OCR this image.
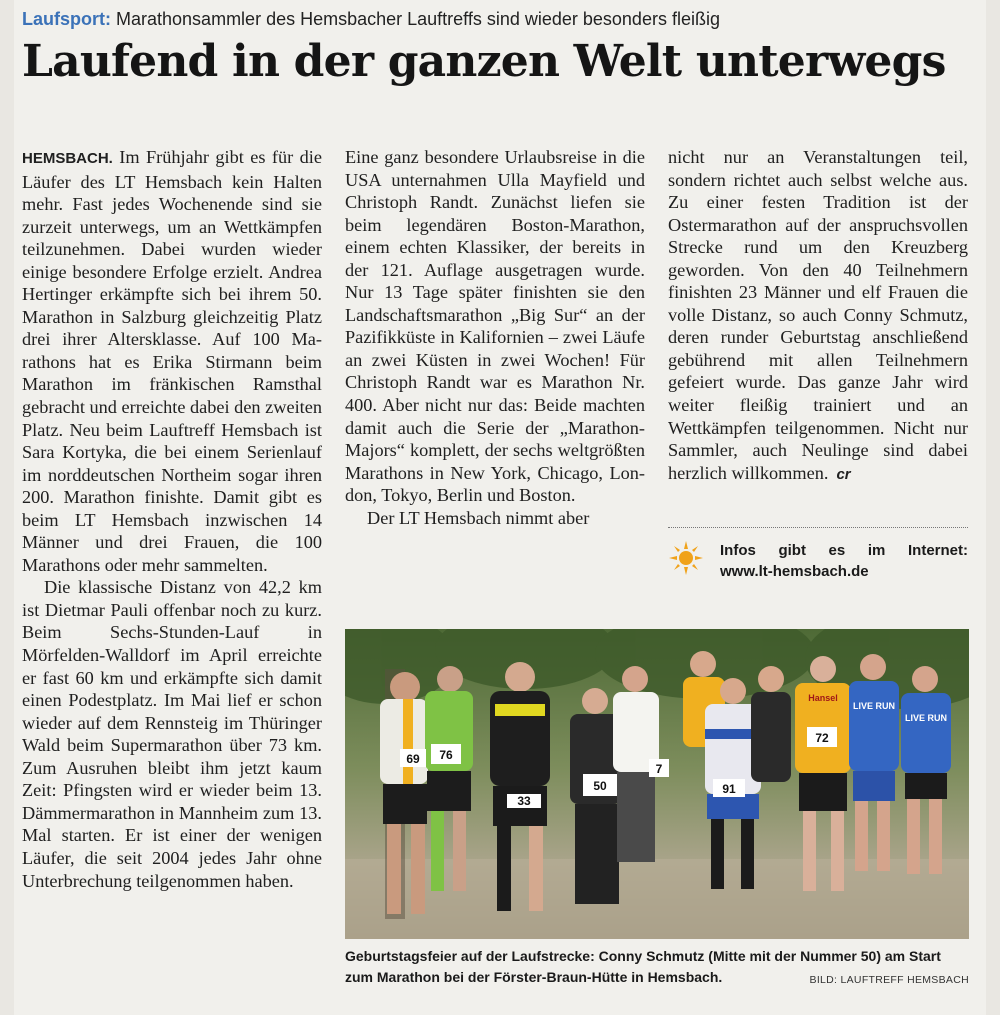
Laufsport: Marathonsammler des Hemsbacher Lauftreffs sind wieder besonders fleißig
Laufend in der ganzen Welt unterwegs

HEMSBACH. Im Frühjahr gibt es für die Läufer des LT Hemsbach kein Halten mehr. Fast jedes Wochenende sind sie zurzeit unterwegs, um an Wettkämpfen teilzunehmen. Dabei wurden wieder einige besondere Erfolge erzielt. Andrea Hertinger erkämpfte sich bei ihrem 50. Marathon in Salzburg gleichzeitig Platz drei ihrer Altersklasse. Auf 100 Marathons hat es Erika Stirmann beim Marathon im fränkischen Ramsthal gebracht und erreichte dabei den zweiten Platz. Neu beim Lauftreff Hemsbach ist Sara Kortyka, die bei einem Serienlauf im norddeutschen Northeim sogar ihren 200. Marathon finishte. Damit gibt es beim LT Hemsbach inzwischen 14 Männer und drei Frauen, die 100 Marathons oder mehr sammelten.

Die klassische Distanz von 42,2 km ist Dietmar Pauli offenbar noch zu kurz. Beim Sechs-Stunden-Lauf in Mörfelden-Walldorf im April erreichte er fast 60 km und erkämpfte sich damit einen Podestplatz. Im Mai lief er schon wieder auf dem Rennsteig im Thüringer Wald beim Supermarathon über 73 km. Zum Ausruhen bleibt ihm jetzt kaum Zeit: Pfingsten wird er wieder beim 13. Dämmermarathon in Mannheim zum 13. Mal starten. Er ist einer der wenigen Läufer, die seit 2004 jedes Jahr ohne Unterbrechung teilgenommen haben.

Eine ganz besondere Urlaubsreise in die USA unternahmen Ulla Mayfield und Christoph Randt. Zunächst liefen sie beim legendären Boston-Marathon, einem echten Klassiker, der bereits in der 121. Auflage ausgetragen wurde. Nur 13 Tage später finishten sie den Landschaftsmarathon „Big Sur“ an der Pazifikküste in Kalifornien – zwei Läufe an zwei Küsten in zwei Wochen! Für Christoph Randt war es Marathon Nr. 400. Aber nicht nur das: Beide machten damit auch die Serie der „Marathon-Majors“ komplett, der sechs weltgrößten Marathons in New York, Chicago, London, Tokyo, Berlin und Boston.

Der LT Hemsbach nimmt aber

nicht nur an Veranstaltungen teil, sondern richtet auch selbst welche aus. Zu einer festen Tradition ist der Ostermarathon auf der anspruchsvollen Strecke rund um den Kreuzberg geworden. Von den 40 Teilnehmern finishten 23 Männer und elf Frauen die volle Distanz, so auch Conny Schmutz, deren runder Geburtstag anschließend gebührend mit allen Teilnehmern gefeiert wurde. Das ganze Jahr wird weiter fleißig trainiert und an Wettkämpfen teilgenommen. Nicht nur Sammler, auch Neulinge sind dabei herzlich willkommen. cr

Infos gibt es im Internet:
www.lt-hemsbach.de
69 76
33
50
7
91
72
LIVE RUN
LIVE RUN
Hansel
Geburtstagsfeier auf der Laufstrecke: Conny Schmutz (Mitte mit der Nummer 50) am Start
zum Marathon bei der Förster-Braun-Hütte in Hemsbach.	BILD: LAUFTREFF HEMSBACH
